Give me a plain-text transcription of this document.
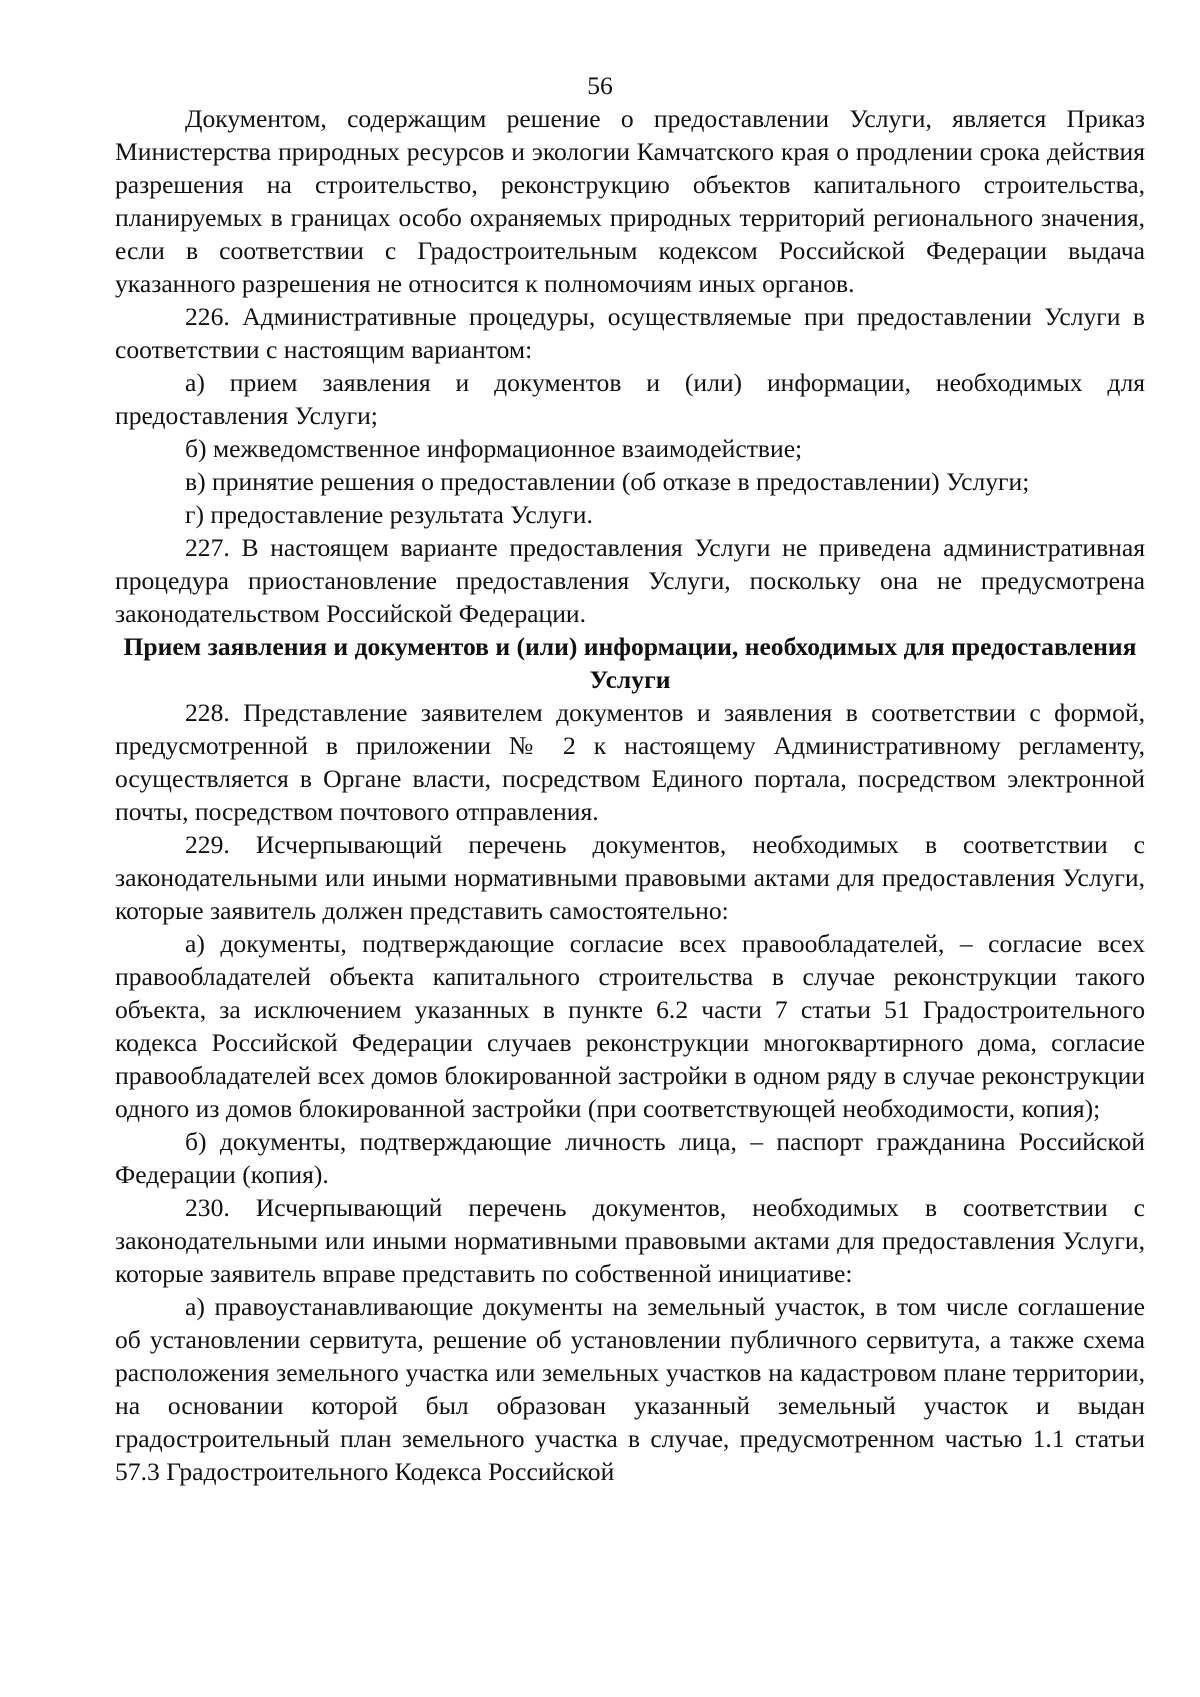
56

Документом, содержащим решение о предоставлении Услуги, является Приказ Министерства природных ресурсов и экологии Камчатского края о продлении срока действия разрешения на строительство, реконструкцию объектов капитального строительства, планируемых в границах особо охраняемых природных территорий регионального значения, если в соответствии с Градостроительным кодексом Российской Федерации выдача указанного разрешения не относится к полномочиям иных органов.

226. Административные процедуры, осуществляемые при предоставлении Услуги в соответствии с настоящим вариантом:

а) прием заявления и документов и (или) информации, необходимых для предоставления Услуги;

б) межведомственное информационное взаимодействие;

в) принятие решения о предоставлении (об отказе в предоставлении) Услуги;

г) предоставление результата Услуги.

227. В настоящем варианте предоставления Услуги не приведена административная процедура приостановление предоставления Услуги, поскольку она не предусмотрена законодательством Российской Федерации.

Прием заявления и документов и (или) информации, необходимых для предоставления Услуги

228. Представление заявителем документов и заявления в соответствии с формой, предусмотренной в приложении № 2 к настоящему Административному регламенту, осуществляется в Органе власти, посредством Единого портала, посредством электронной почты, посредством почтового отправления.

229. Исчерпывающий перечень документов, необходимых в соответствии с законодательными или иными нормативными правовыми актами для предоставления Услуги, которые заявитель должен представить самостоятельно:

а) документы, подтверждающие согласие всех правообладателей, – согласие всех правообладателей объекта капитального строительства в случае реконструкции такого объекта, за исключением указанных в пункте 6.2 части 7 статьи 51 Градостроительного кодекса Российской Федерации случаев реконструкции многоквартирного дома, согласие правообладателей всех домов блокированной застройки в одном ряду в случае реконструкции одного из домов блокированной застройки (при соответствующей необходимости, копия);

б) документы, подтверждающие личность лица, – паспорт гражданина Российской Федерации (копия).

230. Исчерпывающий перечень документов, необходимых в соответствии с законодательными или иными нормативными правовыми актами для предоставления Услуги, которые заявитель вправе представить по собственной инициативе:

а) правоустанавливающие документы на земельный участок, в том числе соглашение об установлении сервитута, решение об установлении публичного сервитута, а также схема расположения земельного участка или земельных участков на кадастровом плане территории, на основании которой был образован указанный земельный участок и выдан градостроительный план земельного участка в случае, предусмотренном частью 1.1 статьи 57.3 Градостроительного Кодекса Российской
